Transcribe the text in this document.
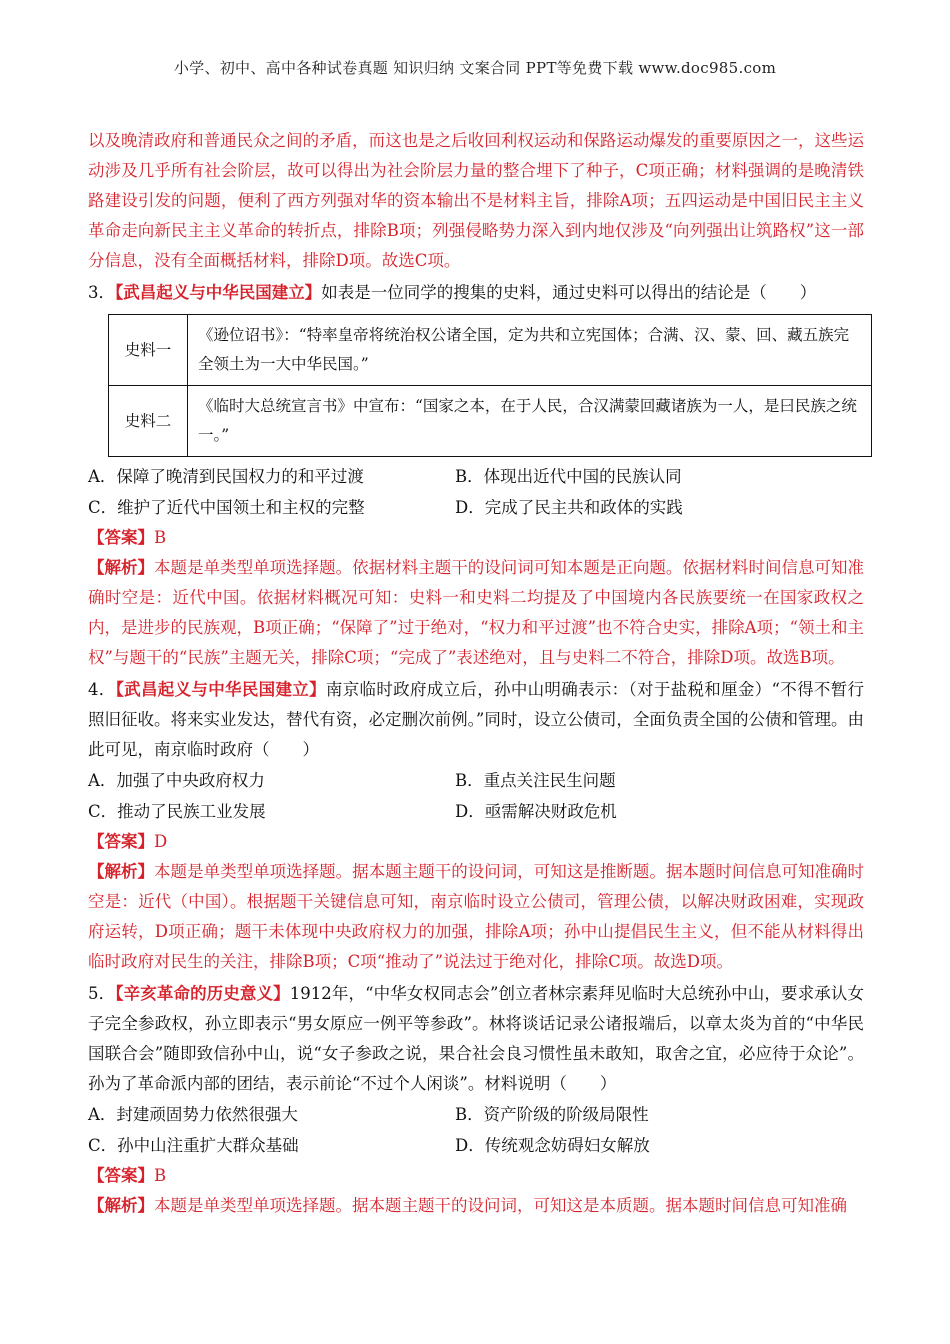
小学、初中、高中各种试卷真题 知识归纳 文案合同 PPT等免费下载 www.doc985.com

以及晚清政府和普通民众之间的矛盾，而这也是之后收回利权运动和保路运动爆发的重要原因之一，这些运动涉及几乎所有社会阶层，故可以得出为社会阶层力量的整合埋下了种子，C项正确；材料强调的是晚清铁路建设引发的问题，便利了西方列强对华的资本输出不是材料主旨，排除A项；五四运动是中国旧民主主义革命走向新民主主义革命的转折点，排除B项；列强侵略势力深入到内地仅涉及“向列强出让筑路权”这一部分信息，没有全面概括材料，排除D项。故选C项。

3．【武昌起义与中华民国建立】如表是一位同学的搜集的史料，通过史料可以得出的结论是（　　）

史料一	《逊位诏书》：“特率皇帝将统治权公诸全国，定为共和立宪国体；合满、汉、蒙、回、藏五族完全领土为一大中华民国。”
史料二	《临时大总统宣言书》中宣布：“国家之本，在于人民，合汉满蒙回藏诸族为一人，是曰民族之统一。”
A．保障了晚清到民国权力的和平过渡	B．体现出近代中国的民族认同
C．维护了近代中国领土和主权的完整	D．完成了民主共和政体的实践

【答案】B

【解析】本题是单类型单项选择题。依据材料主题干的设问词可知本题是正向题。依据材料时间信息可知准确时空是：近代中国。依据材料概况可知：史料一和史料二均提及了中国境内各民族要统一在国家政权之内，是进步的民族观，B项正确；“保障了”过于绝对，“权力和平过渡”也不符合史实，排除A项；“领土和主权”与题干的“民族”主题无关，排除C项；“完成了”表述绝对，且与史料二不符合，排除D项。故选B项。

4．【武昌起义与中华民国建立】南京临时政府成立后，孙中山明确表示：（对于盐税和厘金）“不得不暂行照旧征收。将来实业发达，替代有资，必定删次前例。”同时，设立公债司，全面负责全国的公债和管理。由此可见，南京临时政府（　　）

A．加强了中央政府权力	B．重点关注民生问题
C．推动了民族工业发展	D．亟需解决财政危机

【答案】D

【解析】本题是单类型单项选择题。据本题主题干的设问词，可知这是推断题。据本题时间信息可知准确时空是：近代（中国）。根据题干关键信息可知，南京临时设立公债司，管理公债，以解决财政困难，实现政府运转，D项正确；题干未体现中央政府权力的加强，排除A项；孙中山提倡民生主义，但不能从材料得出临时政府对民生的关注，排除B项；C项“推动了”说法过于绝对化，排除C项。故选D项。

5．【辛亥革命的历史意义】1912年，“中华女权同志会”创立者林宗素拜见临时大总统孙中山，要求承认女子完全参政权，孙立即表示“男女原应一例平等参政”。林将谈话记录公诸报端后，以章太炎为首的“中华民国联合会”随即致信孙中山，说“女子参政之说，果合社会良习惯性虽未敢知，取舍之宜，必应待于众论”。孙为了革命派内部的团结，表示前论“不过个人闲谈”。材料说明（　　）

A．封建顽固势力依然很强大	B．资产阶级的阶级局限性
C．孙中山注重扩大群众基础	D．传统观念妨碍妇女解放

【答案】B

【解析】本题是单类型单项选择题。据本题主题干的设问词，可知这是本质题。据本题时间信息可知准确
